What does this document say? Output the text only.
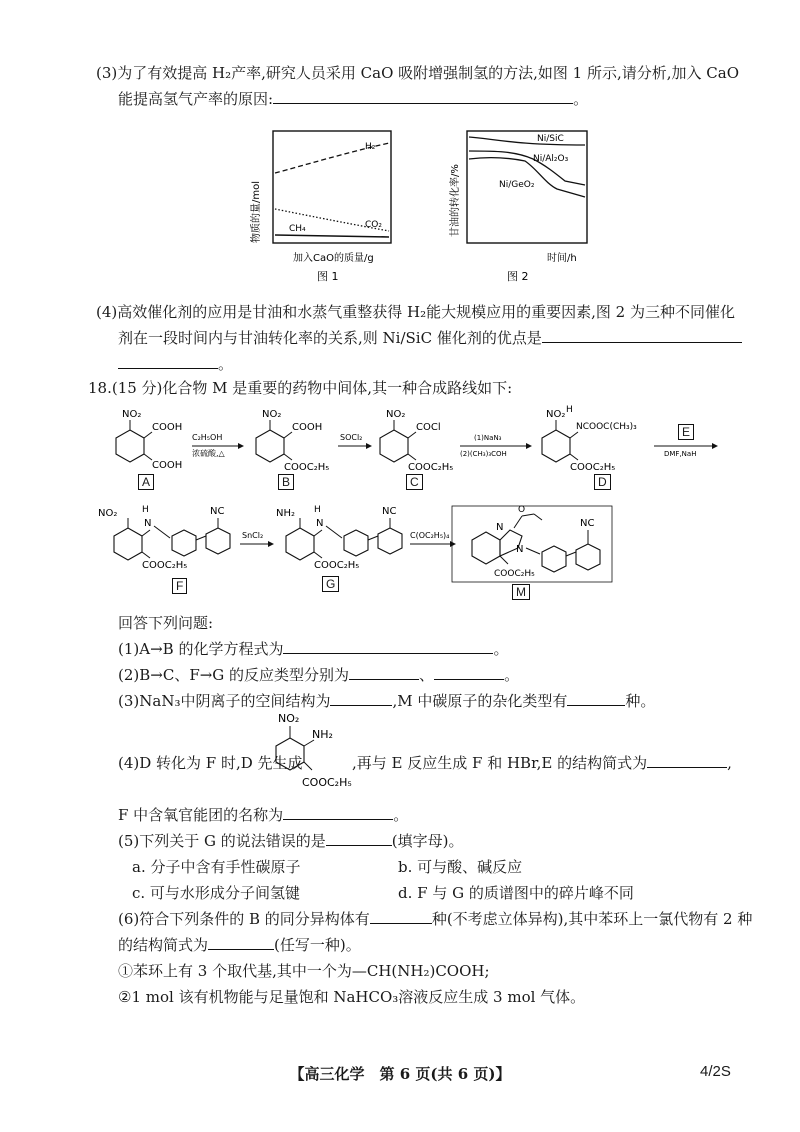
(3)为了有效提高 H₂产率,研究人员采用 CaO 吸附增强制氢的方法,如图 1 所示,请分析,加入 CaO
能提高氢气产率的原因:	。
H₂
CO₂
CH₄
物质的量/mol
加入CaO的质量/g
图 1
Ni/SiC
Ni/Al₂O₃
Ni/GeO₂
甘油的转化率/%
时间/h
图 2
(4)高效催化剂的应用是甘油和水蒸气重整获得 H₂能大规模应用的重要因素,图 2 为三种不同催化
剂在一段时间内与甘油转化率的关系,则 Ni/SiC 催化剂的优点是
。
18.(15 分)化合物 M 是重要的药物中间体,其一种合成路线如下:
NO₂
COOH
COOH
C₂H₅OH
浓硫酸,△
NO₂
COOH
COOC₂H₅
SOCl₂
NO₂
COCl
COOC₂H₅
(1)NaN₃
(2)(CH₃)₃COH
NO₂ H
NCOOC(CH₃)₃
COOC₂H₅
DMF,NaH
A	B	C	D
E
NO₂	H
N
NC
COOC₂H₅
SnCl₂
NH₂ H
N
NC
COOC₂H₅
C(OC₂H₅)₄
N
N
O
NC
COOC₂H₅
F	G
M
回答下列问题:
(1)A→B 的化学方程式为	。
(2)B→C、F→G 的反应类型分别为	、	。
(3)NaN₃中阴离子的空间结构为	,M 中碳原子的杂化类型有	种。
(4)D 转化为 F 时,D 先生成
NO₂
NH₂
COOC₂H₅
,再与 E 反应生成 F 和 HBr,E 的结构简式为	,
F 中含氧官能团的名称为	。
(5)下列关于 G 的说法错误的是	(填字母)。
a. 分子中含有手性碳原子	b. 可与酸、碱反应
c. 可与水形成分子间氢键	d. F 与 G 的质谱图中的碎片峰不同
(6)符合下列条件的 B 的同分异构体有	种(不考虑立体异构),其中苯环上一氯代物有 2 种
的结构简式为	(任写一种)。
①苯环上有 3 个取代基,其中一个为—CH(NH₂)COOH;
②1 mol 该有机物能与足量饱和 NaHCO₃溶液反应生成 3 mol 气体。
【高三化学　第 6 页(共 6 页)】	4/2S
